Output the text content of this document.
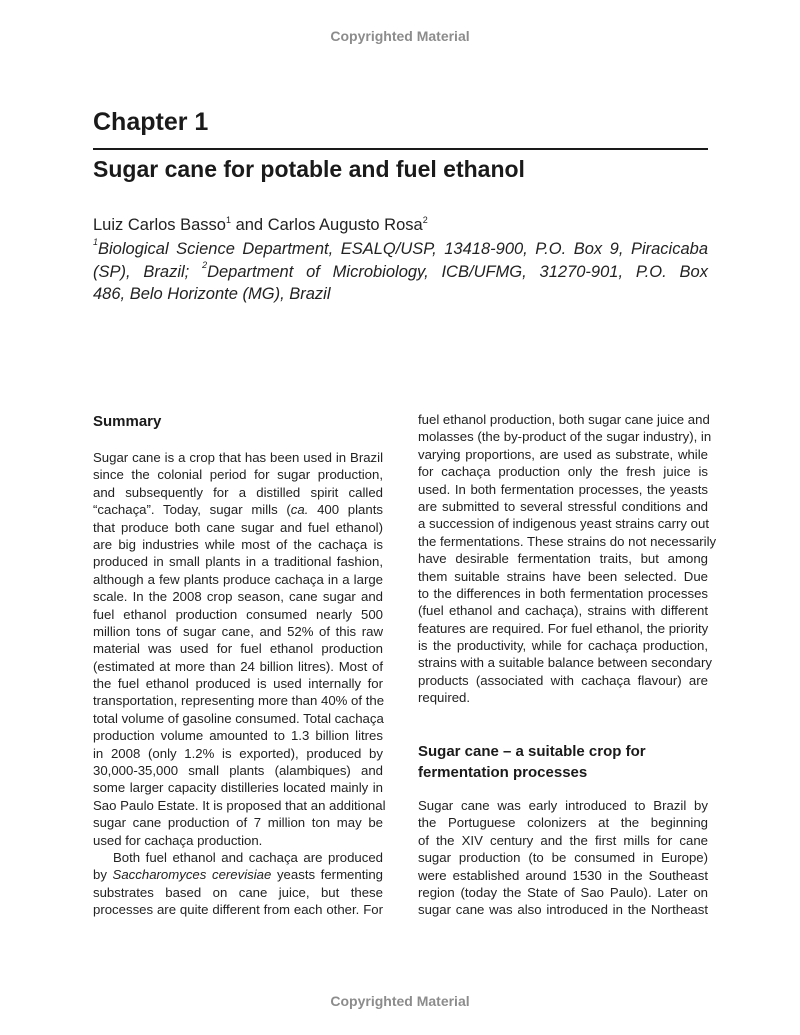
Copyrighted Material
Chapter 1
Sugar cane for potable and fuel ethanol
Luiz Carlos Basso$^1$ and Carlos Augusto Rosa$^2$
$^1$Biological Science Department, ESALQ/USP, 13418-900, P.O. Box 9, Piracicaba
(SP), Brazil; $^2$Department of Microbiology, ICB/UFMG, 31270-901, P.O. Box
486, Belo Horizonte (MG), Brazil
Summary
Sugar cane is a crop that has been used in Brazil
since the colonial period for sugar production,
and subsequently for a distilled spirit called
“cachaça”. Today, sugar mills (ca. 400 plants
that produce both cane sugar and fuel ethanol)
are big industries while most of the cachaça is
produced in small plants in a traditional fashion,
although a few plants produce cachaça in a large
scale. In the 2008 crop season, cane sugar and
fuel ethanol production consumed nearly 500
million tons of sugar cane, and 52% of this raw
material was used for fuel ethanol production
(estimated at more than 24 billion litres). Most of
the fuel ethanol produced is used internally for
transportation, representing more than 40% of the
total volume of gasoline consumed. Total cachaça
production volume amounted to 1.3 billion litres
in 2008 (only 1.2% is exported), produced by
30,000-35,000 small plants (alambiques) and
some larger capacity distilleries located mainly in
Sao Paulo Estate. It is proposed that an additional
sugar cane production of 7 million ton may be
used for cachaça production.
Both fuel ethanol and cachaça are produced
by Saccharomyces cerevisiae yeasts fermenting
substrates based on cane juice, but these
processes are quite different from each other. For
fuel ethanol production, both sugar cane juice and
molasses (the by-product of the sugar industry), in
varying proportions, are used as substrate, while
for cachaça production only the fresh juice is
used. In both fermentation processes, the yeasts
are submitted to several stressful conditions and
a succession of indigenous yeast strains carry out
the fermentations. These strains do not necessarily
have desirable fermentation traits, but among
them suitable strains have been selected. Due
to the differences in both fermentation processes
(fuel ethanol and cachaça), strains with different
features are required. For fuel ethanol, the priority
is the productivity, while for cachaça production,
strains with a suitable balance between secondary
products (associated with cachaça flavour) are
required.
Sugar cane – a suitable crop for
fermentation processes
Sugar cane was early introduced to Brazil by
the Portuguese colonizers at the beginning
of the XIV century and the first mills for cane
sugar production (to be consumed in Europe)
were established around 1530 in the Southeast
region (today the State of Sao Paulo). Later on
sugar cane was also introduced in the Northeast
Copyrighted Material
